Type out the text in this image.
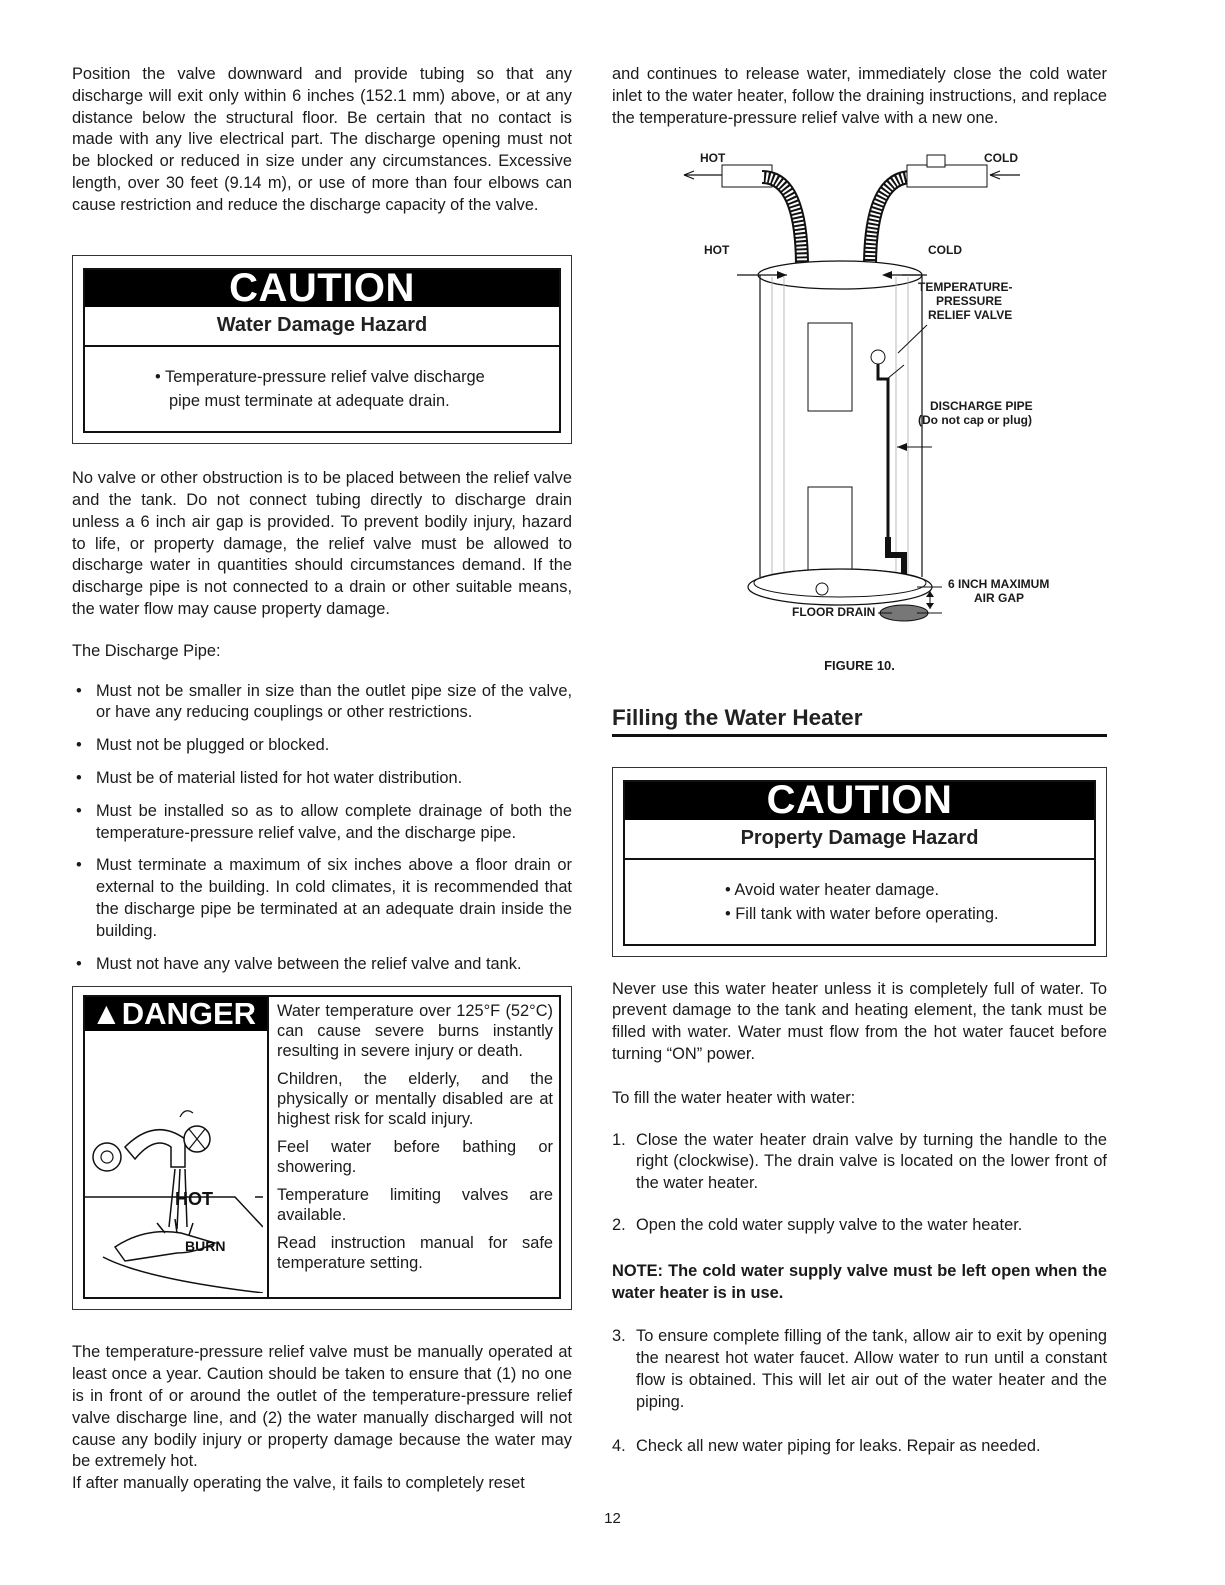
Position the valve downward and provide tubing so that any discharge will exit only within 6 inches (152.1 mm) above, or at any distance below the structural floor. Be certain that no contact is made with any live electrical part. The discharge opening must not be blocked or reduced in size under any circumstances. Excessive length, over 30 feet (9.14 m), or use of more than four elbows can cause restriction and reduce the discharge capacity of the valve.

CAUTION
Water Damage Hazard
• Temperature-pressure relief valve discharge
pipe must terminate at adequate drain.

No valve or other obstruction is to be placed between the relief valve and the tank. Do not connect tubing directly to discharge drain unless a 6 inch air gap is provided. To prevent bodily injury, hazard to life, or property damage, the relief valve must be allowed to discharge water in quantities should circumstances demand. If the discharge pipe is not connected to a drain or other suitable means, the water flow may cause property damage.

The Discharge Pipe:

• Must not be smaller in size than the outlet pipe size of the valve, or have any reducing couplings or other restrictions.
• Must not be plugged or blocked.
• Must be of material listed for hot water distribution.
• Must be installed so as to allow complete drainage of both the temperature-pressure relief valve, and the discharge pipe.
• Must terminate a maximum of six inches above a floor drain or external to the building. In cold climates, it is recommended that the discharge pipe be terminated at an adequate drain inside the building.
• Must not have any valve between the relief valve and tank.
▲DANGER
HOT
BURN
Water temperature over 125°F (52°C) can cause severe burns instantly resulting in severe injury or death.
Children, the elderly, and the physically or mentally disabled are at highest risk for scald injury.
Feel water before bathing or showering.
Temperature limiting valves are available.
Read instruction manual for safe temperature setting.

The temperature-pressure relief valve must be manually operated at least once a year. Caution should be taken to ensure that (1) no one is in front of or around the outlet of the temperature-pressure relief valve discharge line, and (2) the water manually discharged will not cause any bodily injury or property damage because the water may be extremely hot.

If after manually operating the valve, it fails to completely reset

and continues to release water, immediately close the cold water inlet to the water heater, follow the draining instructions, and replace the temperature-pressure relief valve with a new one.

HOT	COLD
HOT	COLD
TEMPERATURE-
PRESSURE
RELIEF VALVE
DISCHARGE PIPE
(Do not cap or plug)
6 INCH MAXIMUM
AIR GAP
FLOOR DRAIN
FIGURE 10.
Filling the Water Heater
CAUTION
Property Damage Hazard
• Avoid water heater damage.
• Fill tank with water before operating.

Never use this water heater unless it is completely full of water. To prevent damage to the tank and heating element, the tank must be filled with water. Water must flow from the hot water faucet before turning “ON” power.

To fill the water heater with water:

1. Close the water heater drain valve by turning the handle to the right (clockwise). The drain valve is located on the lower front of the water heater.
2. Open the cold water supply valve to the water heater.

NOTE: The cold water supply valve must be left open when the water heater is in use.

3. To ensure complete filling of the tank, allow air to exit by opening the nearest hot water faucet. Allow water to run until a constant flow is obtained. This will let air out of the water heater and the piping.
4. Check all new water piping for leaks. Repair as needed.
12
